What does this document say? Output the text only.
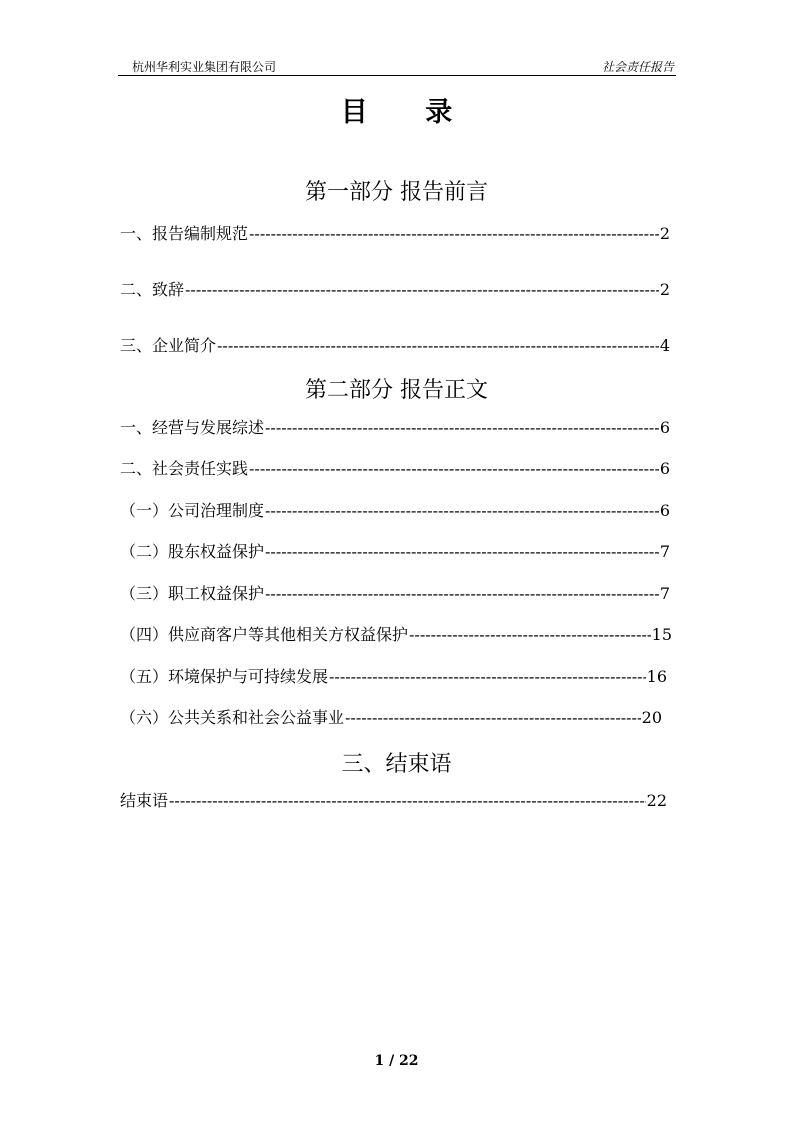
杭州华利实业集团有限公司	社会责任报告
目 录
第一部分 报告前言
一、报告编制规范 -----	2
二、致辞 -----	2
三、企业简介 -----	4
第二部分 报告正文
一、经营与发展综述 -----	6
二、社会责任实践 -----	6
（一）公司治理制度 -----	6
（二）股东权益保护 -----	7
（三）职工权益保护 -----	7
（四）供应商客户等其他相关方权益保护 -----	15
（五）环境保护与可持续发展 -----	16
（六）公共关系和社会公益事业 -----	20
三、结束语
结束语 -----	22
1 / 22
